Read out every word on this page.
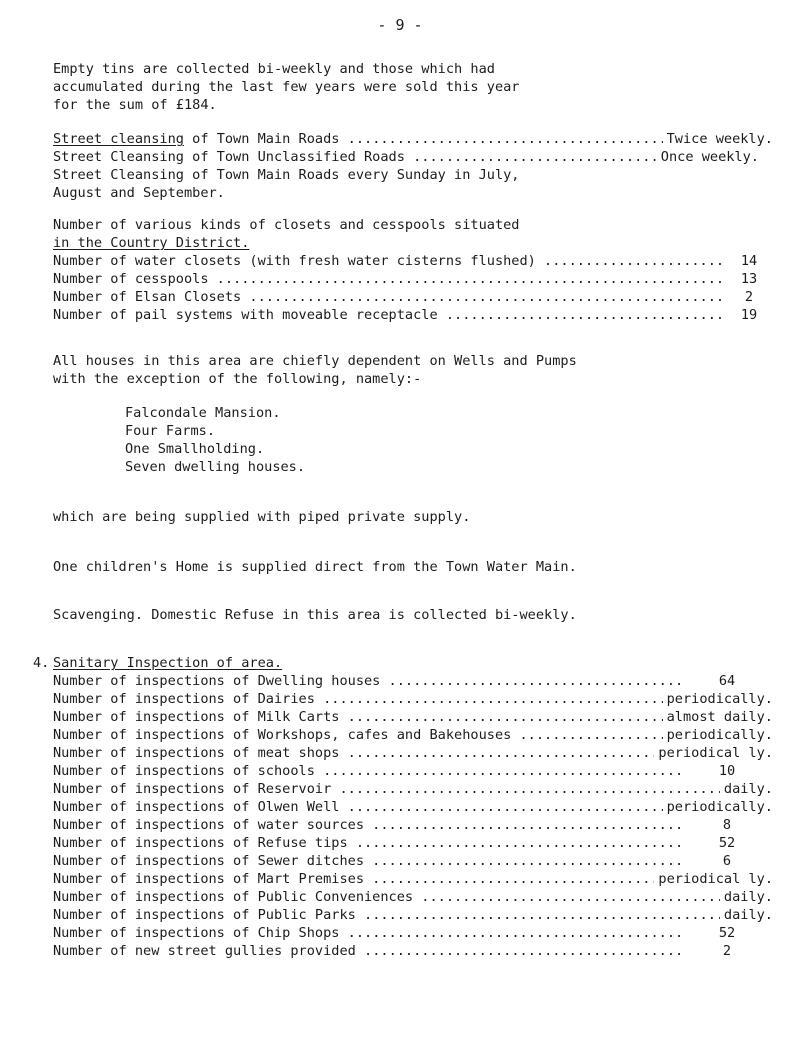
- 9 -
Empty tins are collected bi-weekly and those which had
accumulated during the last few years were sold this year
for the sum of £184.
Street cleansing of Town Main Roads .....	Twice weekly.
Street Cleansing of Town Unclassified Roads .....	Once weekly.
Street Cleansing of Town Main Roads every Sunday in July,
August and September.
Number of various kinds of closets and cesspools situated
in the Country District.
Number of water closets (with fresh water cisterns flushed) .....	14
Number of cesspools .....	13
Number of Elsan Closets .....	2
Number of pail systems with moveable receptacle .....	19
All houses in this area are chiefly dependent on Wells and Pumps
with the exception of the following, namely:-
Falcondale Mansion.
Four Farms.
One Smallholding.
Seven dwelling houses.
which are being supplied with piped private supply.
One children's Home is supplied direct from the Town Water Main.
Scavenging. Domestic Refuse in this area is collected bi-weekly.
4. Sanitary Inspection of area.
Number of inspections of Dwelling houses .....	64
Number of inspections of Dairies .....	periodically.
Number of inspections of Milk Carts .....	almost daily.
Number of inspections of Workshops, cafes and Bakehouses .....	periodically.
Number of inspections of meat shops .....	periodical ly.
Number of inspections of schools .....	10
Number of inspections of Reservoir .....	daily.
Number of inspections of Olwen Well .....	periodically.
Number of inspections of water sources .....	8
Number of inspections of Refuse tips .....	52
Number of inspections of Sewer ditches .....	6
Number of inspections of Mart Premises .....	periodical ly.
Number of inspections of Public Conveniences .....	daily.
Number of inspections of Public Parks .....	daily.
Number of inspections of Chip Shops .....	52
Number of new street gullies provided .....	2
